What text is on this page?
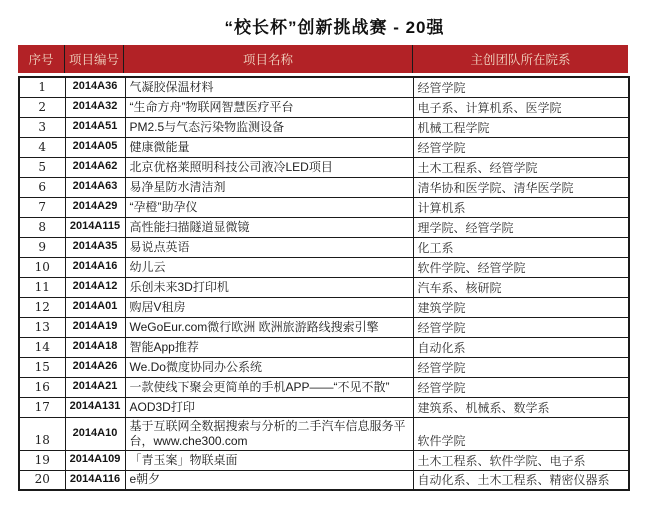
“校长杯”创新挑战赛 - 20强
序号	项目编号	项目名称	主创团队所在院系
1	2014A36	气凝胶保温材料	经管学院
2	2014A32	“生命方舟”物联网智慧医疗平台	电子系、计算机系、医学院
3	2014A51	PM2.5与气态污染物监测设备	机械工程学院
4	2014A05	健康微能量	经管学院
5	2014A62	北京优格莱照明科技公司液冷LED项目	土木工程系、经管学院
6	2014A63	易净星防水清洁剂	清华协和医学院、清华医学院
7	2014A29	“孕橙”助孕仪	计算机系
8	2014A115	高性能扫描隧道显微镜	理学院、经管学院
9	2014A35	易说点英语	化工系
10	2014A16	幼儿云	软件学院、经管学院
11	2014A12	乐创未来3D打印机	汽车系、核研院
12	2014A01	购居V租房	建筑学院
13	2014A19	WeGoEur.com微行欧洲 欧洲旅游路线搜索引擎	经管学院
14	2014A18	智能App推荐	自动化系
15	2014A26	We.Do微度协同办公系统	经管学院
16	2014A21	一款使线下聚会更简单的手机APP——“不见不散”	经管学院
17	2014A131	AOD3D打印	建筑系、机械系、数学系
18	2014A10	基于互联网全数据搜索与分析的二手汽车信息服务平台，www.che300.com	软件学院
19	2014A109	「青玉案」物联桌面	土木工程系、软件学院、电子系
20	2014A116	e朝夕	自动化系、土木工程系、精密仪器系
